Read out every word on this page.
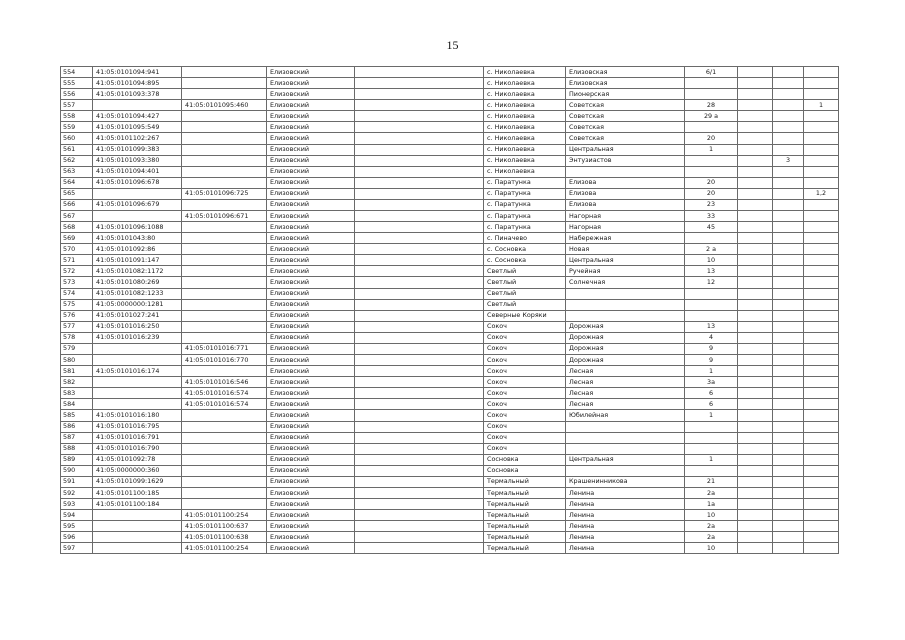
15
554	41:05:0101094:941		Елизовский		с. Николаевка	Елизовская	6/1			
555	41:05:0101094:895		Елизовский		с. Николаевка	Елизовская				
556	41:05:0101093:378		Елизовский		с. Николаевка	Пионерская				
557		41:05:0101095:460	Елизовский		с. Николаевка	Советская	28			1
558	41:05:0101094:427		Елизовский		с. Николаевка	Советская	29 а			
559	41:05:0101095:549		Елизовский		с. Николаевка	Советская				
560	41:05:0101102:267		Елизовский		с. Николаевка	Советская	20			
561	41:05:0101099:383		Елизовский		с. Николаевка	Центральная	1			
562	41:05:0101093:380		Елизовский		с. Николаевка	Энтузиастов			3	
563	41:05:0101094:401		Елизовский		с. Николаевка					
564	41:05:0101096:678		Елизовский		с. Паратунка	Елизова	20			
565		41:05:0101096:725	Елизовский		с. Паратунка	Елизова	20			1,2
566	41:05:0101096:679		Елизовский		с. Паратунка	Елизова	23			
567		41:05:0101096:671	Елизовский		с. Паратунка	Нагорная	33			
568	41:05:0101096:1088		Елизовский		с. Паратунка	Нагорная	45			
569	41:05:0101043:80		Елизовский		с. Пиначево	Набережная				
570	41:05:0101092:86		Елизовский		с. Сосновка	Новая	2 а			
571	41:05:0101091:147		Елизовский		с. Сосновка	Центральная	10			
572	41:05:0101082:1172		Елизовский		Светлый	Ручейная	13			
573	41:05:0101080:269		Елизовский		Светлый	Солнечная	12			
574	41:05:0101082:1233		Елизовский		Светлый					
575	41:05:0000000:1281		Елизовский		Светлый					
576	41:05:0101027:241		Елизовский		Северные Коряки					
577	41:05:0101016:250		Елизовский		Сокоч	Дорожная	13			
578	41:05:0101016:239		Елизовский		Сокоч	Дорожная	4			
579		41:05:0101016:771	Елизовский		Сокоч	Дорожная	9			
580		41:05:0101016:770	Елизовский		Сокоч	Дорожная	9			
581	41:05:0101016:174		Елизовский		Сокоч	Лесная	1			
582		41:05:0101016:546	Елизовский		Сокоч	Лесная	3а			
583		41:05:0101016:574	Елизовский		Сокоч	Лесная	6			
584		41:05:0101016:574	Елизовский		Сокоч	Лесная	6			
585	41:05:0101016:180		Елизовский		Сокоч	Юбилейная	1			
586	41:05:0101016:795		Елизовский		Сокоч					
587	41:05:0101016:791		Елизовский		Сокоч					
588	41:05:0101016:790		Елизовский		Сокоч					
589	41:05:0101092:78		Елизовский		Сосновка	Центральная	1			
590	41:05:0000000:360		Елизовский		Сосновка					
591	41:05:0101099:1629		Елизовский		Термальный	Крашенинникова	21			
592	41:05:0101100:185		Елизовский		Термальный	Ленина	2а			
593	41:05:0101100:184		Елизовский		Термальный	Ленина	1а			
594		41:05:0101100:254	Елизовский		Термальный	Ленина	10			
595		41:05:0101100:637	Елизовский		Термальный	Ленина	2а			
596		41:05:0101100:638	Елизовский		Термальный	Ленина	2а			
597		41:05:0101100:254	Елизовский		Термальный	Ленина	10			
